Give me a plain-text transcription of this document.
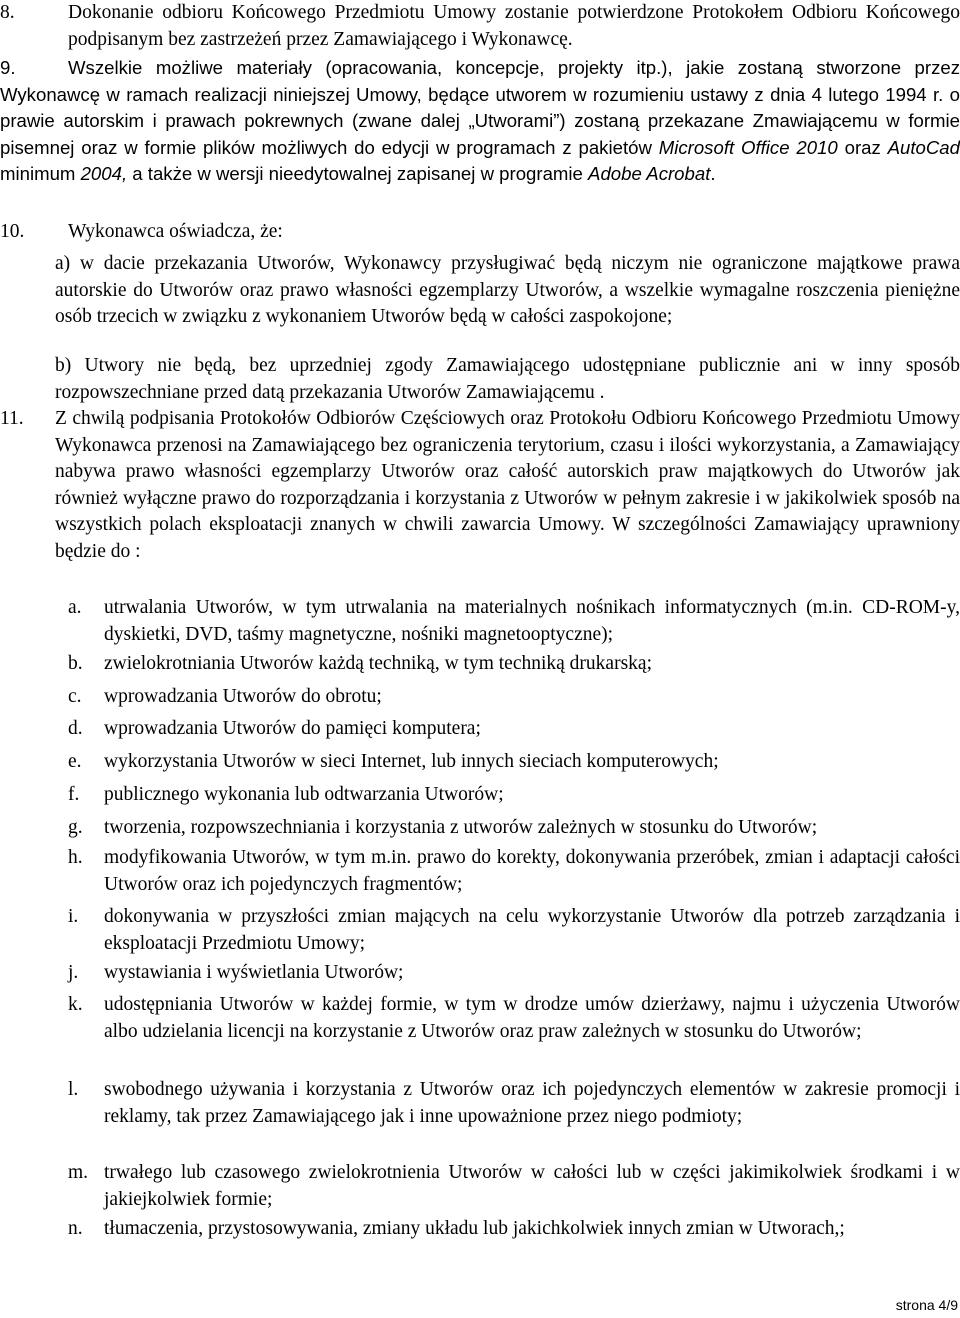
8.	Dokonanie odbioru Końcowego Przedmiotu Umowy zostanie potwierdzone Protokołem Odbioru Końcowego podpisanym bez zastrzeżeń przez Zamawiającego i Wykonawcę.
9.	Wszelkie możliwe materiały (opracowania, koncepcje, projekty itp.), jakie zostaną stworzone przez Wykonawcę w ramach realizacji niniejszej Umowy, będące utworem w rozumieniu ustawy z dnia 4 lutego 1994 r. o prawie autorskim i prawach pokrewnych (zwane dalej „Utworami”) zostaną przekazane Zmawiającemu w formie pisemnej oraz w formie plików możliwych do edycji w programach z pakietów Microsoft Office 2010 oraz AutoCad minimum 2004, a także w wersji nieedytowalnej zapisanej w programie Adobe Acrobat.
10. Wykonawca oświadcza, że:
a) w dacie przekazania Utworów, Wykonawcy przysługiwać będą niczym nie ograniczone majątkowe prawa autorskie do Utworów oraz prawo własności egzemplarzy Utworów, a wszelkie wymagalne roszczenia pieniężne osób trzecich w związku z wykonaniem Utworów będą w całości zaspokojone;
b) Utwory nie będą, bez uprzedniej zgody Zamawiającego udostępniane publicznie ani w inny sposób rozpowszechniane przed datą przekazania Utworów Zamawiającemu .
11. Z chwilą podpisania Protokołów Odbiorów Częściowych oraz Protokołu Odbioru Końcowego Przedmiotu Umowy Wykonawca przenosi na Zamawiającego bez ograniczenia terytorium, czasu i ilości wykorzystania, a Zamawiający nabywa prawo własności egzemplarzy Utworów oraz całość autorskich praw majątkowych do Utworów jak również wyłączne prawo do rozporządzania i korzystania z Utworów w pełnym zakresie i w jakikolwiek sposób na wszystkich polach eksploatacji znanych w chwili zawarcia Umowy. W szczególności Zamawiający uprawniony będzie do :
a. utrwalania Utworów, w tym utrwalania na materialnych nośnikach informatycznych (m.in. CD-ROM-y, dyskietki, DVD, taśmy magnetyczne, nośniki magnetooptyczne);
b. zwielokrotniania Utworów każdą techniką, w tym techniką drukarską;
c. wprowadzania Utworów do obrotu;
d. wprowadzania Utworów do pamięci komputera;
e. wykorzystania Utworów w sieci Internet, lub innych sieciach komputerowych;
f. publicznego wykonania lub odtwarzania Utworów;
g. tworzenia, rozpowszechniania i korzystania z utworów zależnych w stosunku do Utworów;
h. modyfikowania Utworów, w tym m.in. prawo do korekty, dokonywania przeróbek, zmian i adaptacji całości Utworów oraz ich pojedynczych fragmentów;
i. dokonywania w przyszłości zmian mających na celu wykorzystanie Utworów dla potrzeb zarządzania i eksploatacji Przedmiotu Umowy;
j. wystawiania i wyświetlania Utworów;
k. udostępniania Utworów w każdej formie, w tym w drodze umów dzierżawy, najmu i użyczenia Utworów albo udzielania licencji na korzystanie z Utworów oraz praw zależnych w stosunku do Utworów;
l. swobodnego używania i korzystania z Utworów oraz ich pojedynczych elementów w zakresie promocji i reklamy, tak przez Zamawiającego jak i inne upoważnione przez niego podmioty;
m. trwałego lub czasowego zwielokrotnienia Utworów w całości lub w części jakimikolwiek środkami i w jakiejkolwiek formie;
n. tłumaczenia, przystosowywania, zmiany układu lub jakichkolwiek innych zmian w Utworach,;
strona 4/9
